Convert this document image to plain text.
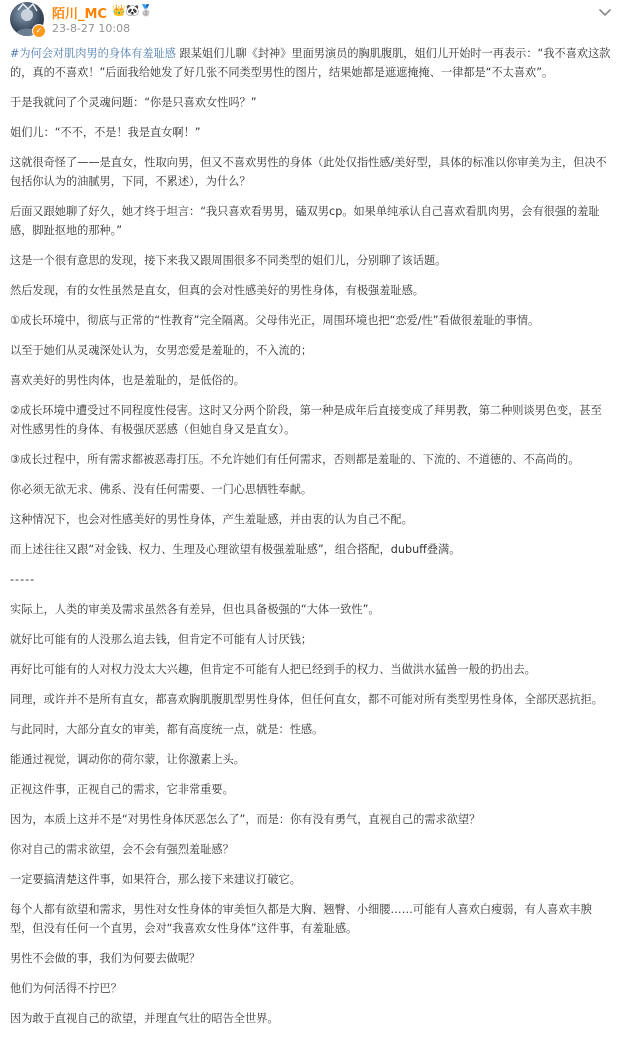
✓
陌川_MC 👑🐼🥈
23-8-27 10:08

#为何会对肌肉男的身体有羞耻感 跟某姐们儿聊《封神》里面男演员的胸肌腹肌，姐们儿开始时一再表示：“我不喜欢这款的，真的不喜欢！”后面我给她发了好几张不同类型男性的图片，结果她都是遮遮掩掩、一律都是“不太喜欢”。

于是我就问了个灵魂问题：“你是只喜欢女性吗？”

姐们儿：“不不，不是！我是直女啊！”

这就很奇怪了——是直女，性取向男，但又不喜欢男性的身体（此处仅指性感/美好型，具体的标准以你审美为主，但决不包括你认为的油腻男，下同，不累述），为什么？

后面又跟她聊了好久，她才终于坦言：“我只喜欢看男男，磕双男cp。如果单纯承认自己喜欢看肌肉男，会有很强的羞耻感，脚趾抠地的那种。”

这是一个很有意思的发现，接下来我又跟周围很多不同类型的姐们儿，分别聊了该话题。

然后发现，有的女性虽然是直女，但真的会对性感美好的男性身体，有极强羞耻感。

①成长环境中，彻底与正常的“性教育”完全隔离。父母伟光正，周围环境也把“恋爱/性”看做很羞耻的事情。

以至于她们从灵魂深处认为，女男恋爱是羞耻的，不入流的；

喜欢美好的男性肉体，也是羞耻的，是低俗的。

②成长环境中遭受过不同程度性侵害。这时又分两个阶段，第一种是成年后直接变成了拜男教，第二种则谈男色变，甚至对性感男性的身体、有极强厌恶感（但她自身又是直女）。

③成长过程中，所有需求都被恶毒打压。不允许她们有任何需求，否则都是羞耻的、下流的、不道德的、不高尚的。

你必须无欲无求、佛系、没有任何需要、一门心思牺牲奉献。

这种情况下，也会对性感美好的男性身体，产生羞耻感，并由衷的认为自己不配。

而上述往往又跟“对金钱、权力、生理及心理欲望有极强羞耻感”，组合搭配，dubuff叠满。

-----

实际上，人类的审美及需求虽然各有差异，但也具备极强的“大体一致性”。

就好比可能有的人没那么追去钱，但肯定不可能有人讨厌钱；

再好比可能有的人对权力没太大兴趣，但肯定不可能有人把已经到手的权力、当做洪水猛兽一般的扔出去。

同理，或许并不是所有直女，都喜欢胸肌腹肌型男性身体，但任何直女，都不可能对所有类型男性身体，全部厌恶抗拒。

与此同时，大部分直女的审美，都有高度统一点，就是：性感。

能通过视觉，调动你的荷尔蒙，让你激素上头。

正视这件事，正视自己的需求，它非常重要。

因为，本质上这并不是“对男性身体厌恶怎么了”，而是：你有没有勇气，直视自己的需求欲望？

你对自己的需求欲望，会不会有强烈羞耻感？

一定要搞清楚这件事，如果符合，那么接下来建议打破它。

每个人都有欲望和需求，男性对女性身体的审美恒久都是大胸、翘臀、小细腰……可能有人喜欢白瘦弱，有人喜欢丰腴型，但没有任何一个直男，会对“我喜欢女性身体”这件事，有羞耻感。

男性不会做的事，我们为何要去做呢？

他们为何活得不拧巴？

因为敢于直视自己的欲望，并理直气壮的昭告全世界。
